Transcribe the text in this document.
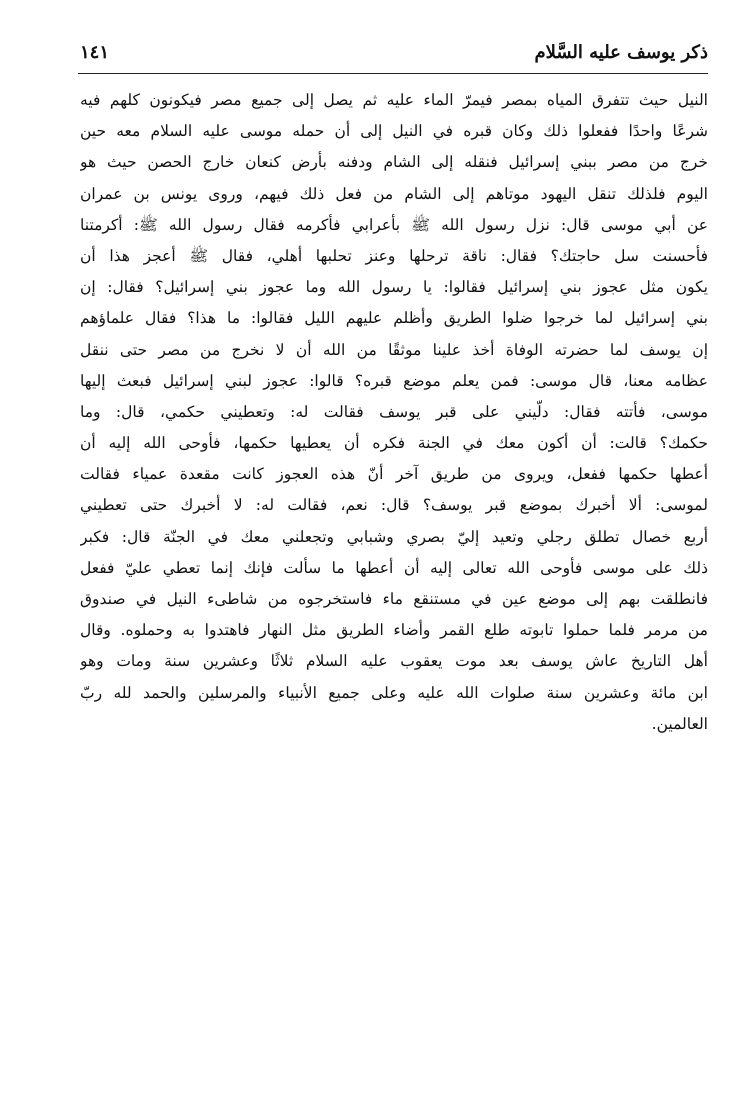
ذكر يوسف عليه السَّلام
١٤١
النيل حيث تتفرق المياه بمصر فيمرّ الماء عليه ثم يصل إلى جميع مصر فيكونون كلهم فيه
شرعًا واحدًا ففعلوا ذلك وكان قبره في النيل إلى أن حمله موسى عليه السلام معه حين
خرج من مصر ببني إسرائيل فنقله إلى الشام ودفنه بأرض كنعان خارج الحصن حيث هو
اليوم فلذلك تنقل اليهود موتاهم إلى الشام من فعل ذلك فيهم، وروى يونس بن عمران
عن أبي موسى قال: نزل رسول الله ﷺ بأعرابي فأكرمه فقال رسول الله ﷺ: أكرمتنا
فأحسنت سل حاجتك؟ فقال: ناقة ترحلها وعنز تحلبها أهلي، فقال ﷺ أعجز هذا أن
يكون مثل عجوز بني إسرائيل فقالوا: يا رسول الله وما عجوز بني إسرائيل؟ فقال: إن
بني إسرائيل لما خرجوا ضلوا الطريق وأظلم عليهم الليل فقالوا: ما هذا؟ فقال علماؤهم
إن يوسف لما حضرته الوفاة أخذ علينا موثقًا من الله أن لا نخرج من مصر حتى ننقل
عظامه معنا، قال موسى: فمن يعلم موضع قبره؟ قالوا: عجوز لبني إسرائيل فبعث إليها
موسى، فأتته فقال: دلّيني على قبر يوسف فقالت له: وتعطيني حكمي، قال: وما
حكمك؟ قالت: أن أكون معك في الجنة فكره أن يعطيها حكمها، فأوحى الله إليه أن
أعطها حكمها ففعل، ويروى من طريق آخر أنّ هذه العجوز كانت مقعدة عمياء فقالت
لموسى: ألا أخبرك بموضع قبر يوسف؟ قال: نعم، فقالت له: لا أخبرك حتى تعطيني
أربع خصال تطلق رجلي وتعيد إليّ بصري وشبابي وتجعلني معك في الجنّة قال: فكبر
ذلك على موسى فأوحى الله تعالى إليه أن أعطها ما سألت فإنك إنما تعطي عليّ ففعل
فانطلقت بهم إلى موضع عين في مستنقع ماء فاستخرجوه من شاطىء النيل في صندوق
من مرمر فلما حملوا تابوته طلع القمر وأضاء الطريق مثل النهار فاهتدوا به وحملوه. وقال
أهل التاريخ عاش يوسف بعد موت يعقوب عليه السلام ثلاثًا وعشرين سنة ومات وهو
ابن مائة وعشرين سنة صلوات الله عليه وعلى جميع الأنبياء والمرسلين والحمد لله ربّ
العالمين.
